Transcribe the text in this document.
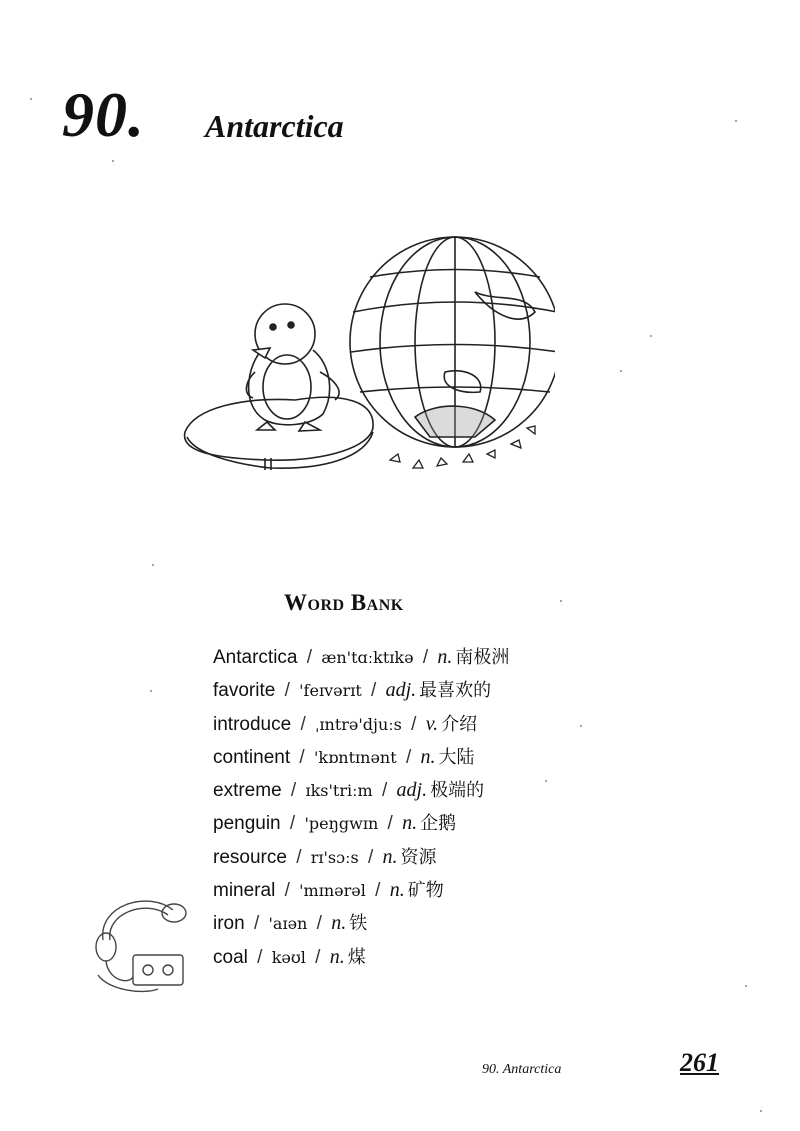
90. Antarctica
Word Bank
Antarctica / æn'tɑːktɪkə / n. 南极洲
favorite / 'feɪvərɪt / adj. 最喜欢的
introduce / ˌɪntrə'djuːs / v. 介绍
continent / 'kɒntɪnənt / n. 大陆
extreme / ɪks'triːm / adj. 极端的
penguin / 'peŋgwɪn / n. 企鹅
resource / rɪ'sɔːs / n. 资源
mineral / 'mɪnərəl / n. 矿物
iron / 'aɪən / n. 铁
coal / kəʊl / n. 煤
90. Antarctica	261
